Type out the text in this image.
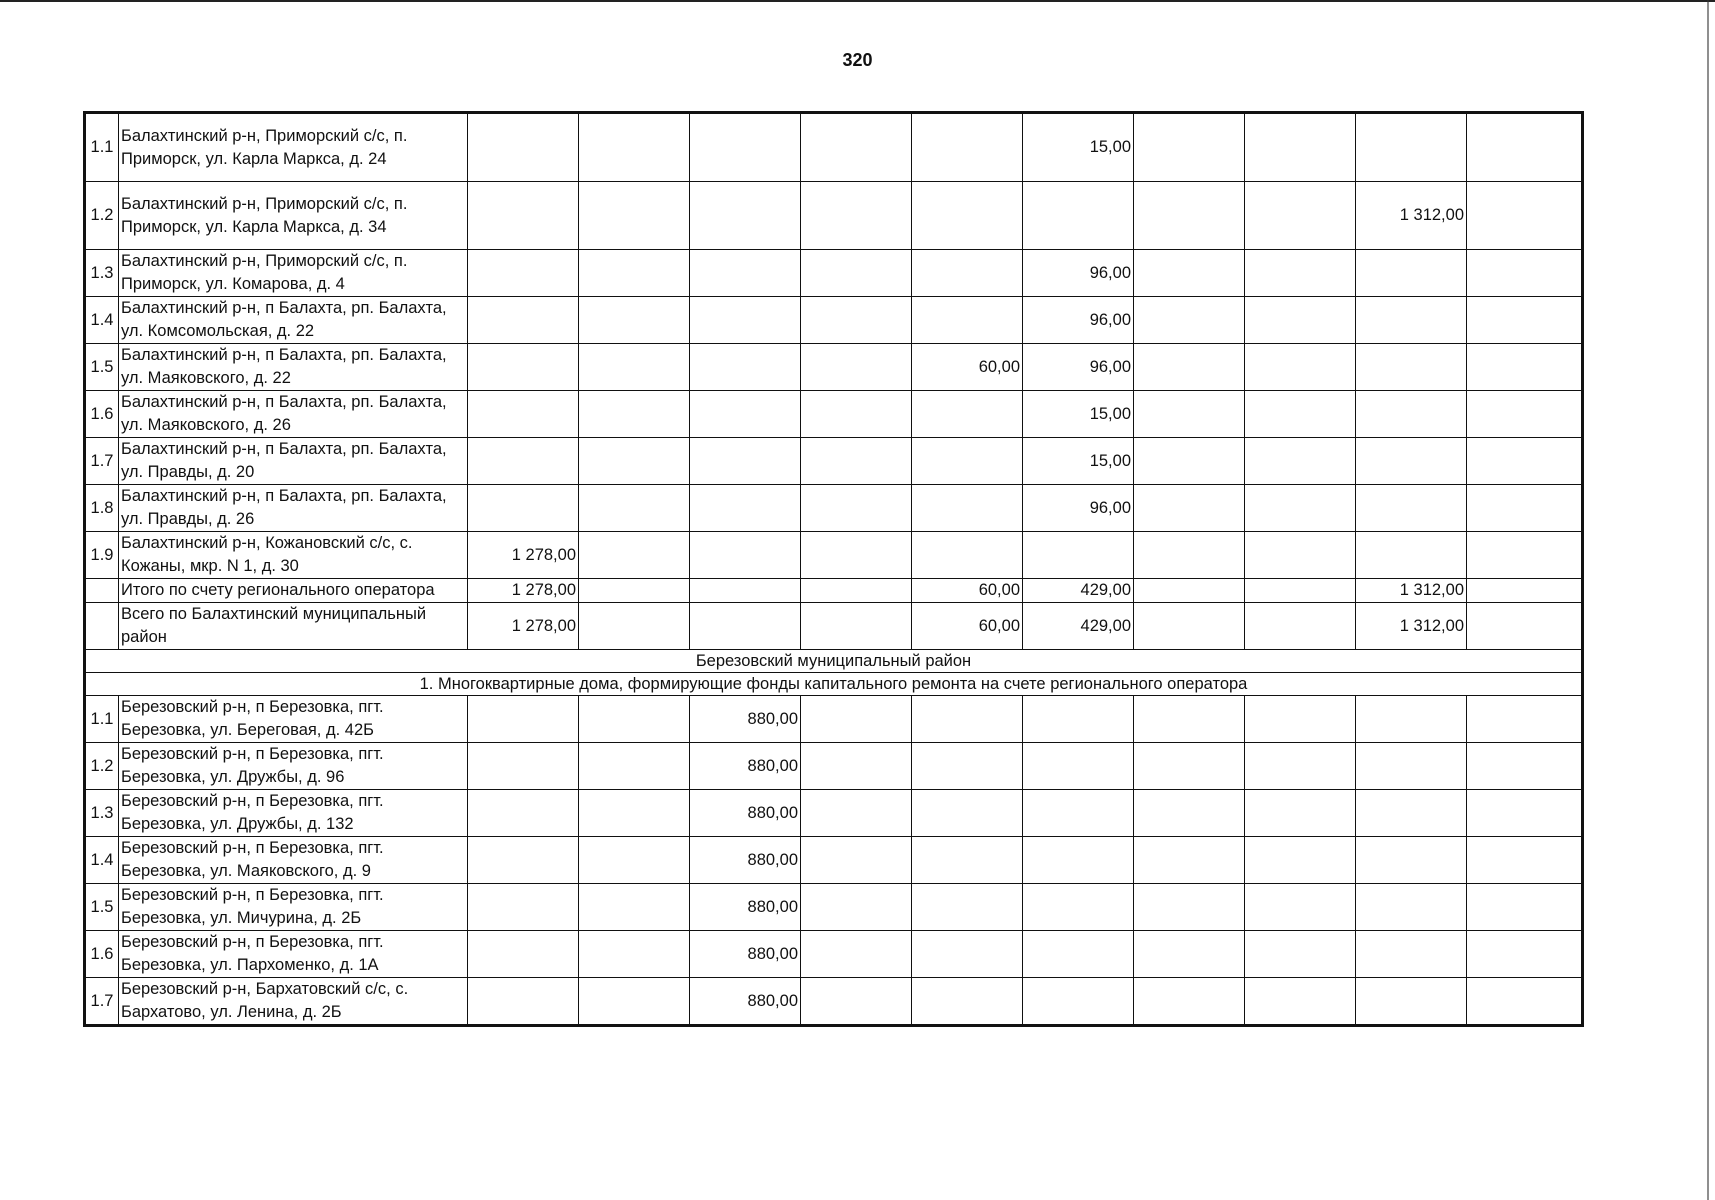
320
1.1	Балахтинский р-н, Приморский с/с, п. Приморск, ул. Карла Маркса, д. 24						15,00				
1.2	Балахтинский р-н, Приморский с/с, п. Приморск, ул. Карла Маркса, д. 34									1 312,00	
1.3	Балахтинский р-н, Приморский с/с, п. Приморск, ул. Комарова, д. 4						96,00				
1.4	Балахтинский р-н, п Балахта, рп. Балахта, ул. Комсомольская, д. 22						96,00				
1.5	Балахтинский р-н, п Балахта, рп. Балахта, ул. Маяковского, д. 22					60,00	96,00				
1.6	Балахтинский р-н, п Балахта, рп. Балахта, ул. Маяковского, д. 26						15,00				
1.7	Балахтинский р-н, п Балахта, рп. Балахта, ул. Правды, д. 20						15,00				
1.8	Балахтинский р-н, п Балахта, рп. Балахта, ул. Правды, д. 26						96,00				
1.9	Балахтинский р-н, Кожановский с/с, с. Кожаны, мкр. N 1, д. 30	1 278,00									
	Итого по счету регионального оператора	1 278,00				60,00	429,00			1 312,00	
	Всего по Балахтинский муниципальный район	1 278,00				60,00	429,00			1 312,00	
Березовский муниципальный район											
1. Многоквартирные дома, формирующие фонды капитального ремонта на счете регионального оператора											
1.1	Березовский р-н, п Березовка, пгт. Березовка, ул. Береговая, д. 42Б			880,00							
1.2	Березовский р-н, п Березовка, пгт. Березовка, ул. Дружбы, д. 96			880,00							
1.3	Березовский р-н, п Березовка, пгт. Березовка, ул. Дружбы, д. 132			880,00							
1.4	Березовский р-н, п Березовка, пгт. Березовка, ул. Маяковского, д. 9			880,00							
1.5	Березовский р-н, п Березовка, пгт. Березовка, ул. Мичурина, д. 2Б			880,00							
1.6	Березовский р-н, п Березовка, пгт. Березовка, ул. Пархоменко, д. 1А			880,00							
1.7	Березовский р-н, Бархатовский с/с, с. Бархатово, ул. Ленина, д. 2Б			880,00							
